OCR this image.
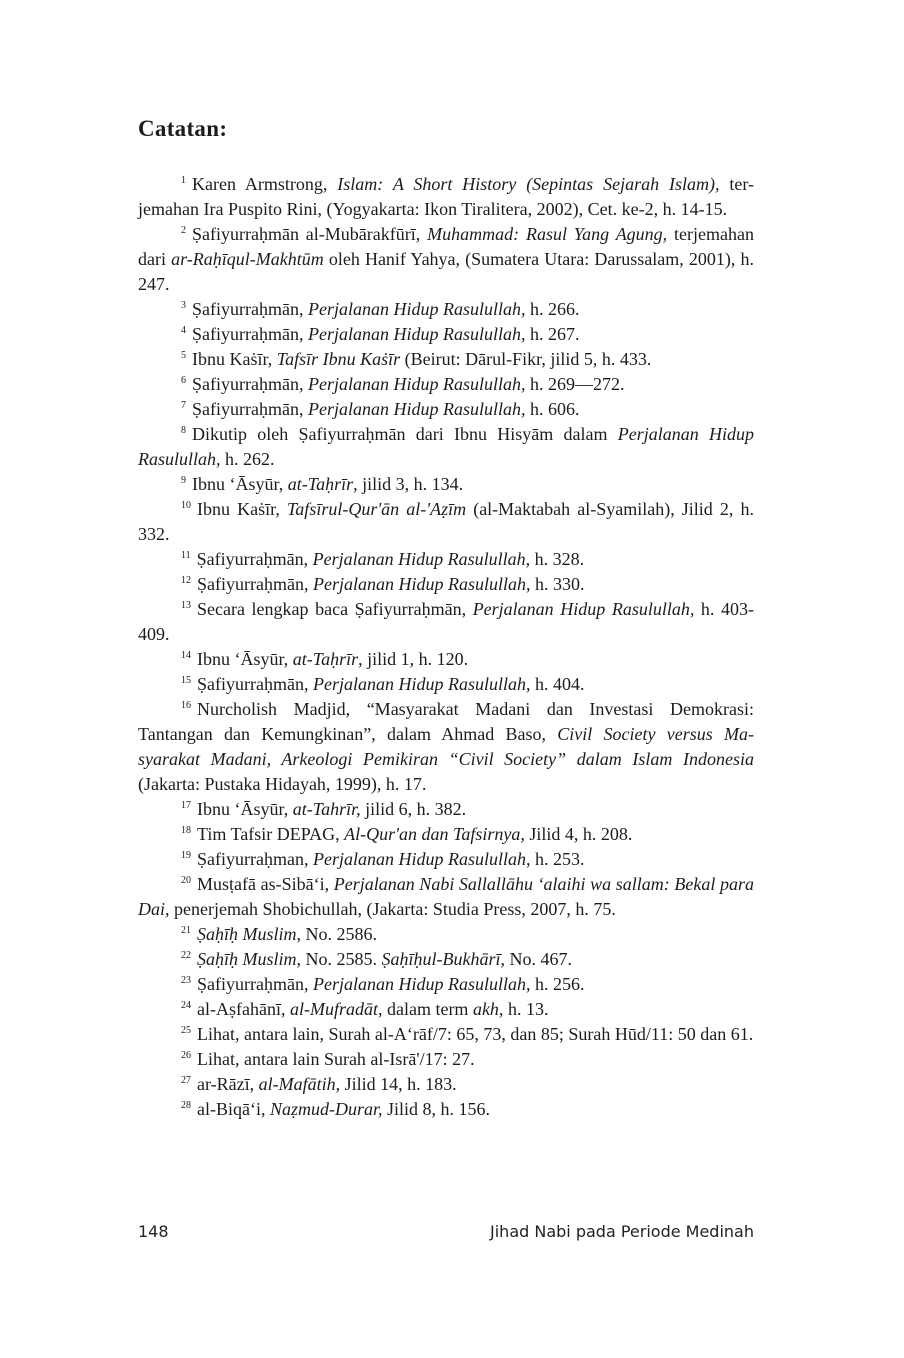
Catatan:

$^1$ Karen Armstrong, Islam: A Short History (Sepintas Sejarah Islam), ter-jemahan Ira Puspito Rini, (Yogyakarta: Ikon Tiralitera, 2002), Cet. ke-2, h. 14-15.

$^2$ Ṣafiyurraḥmān al-Mubārakfūrī, Muhammad: Rasul Yang Agung, terjemahan dari ar-Raḥīqul-Makhtūm oleh Hanif Yahya, (Sumatera Utara: Darussalam, 2001), h. 247.

$^3$ Ṣafiyurraḥmān, Perjalanan Hidup Rasulullah, h. 266.

$^4$ Ṣafiyurraḥmān, Perjalanan Hidup Rasulullah, h. 267.

$^5$ Ibnu Kaṡīr, Tafsīr Ibnu Kaṡīr (Beirut: Dārul-Fikr, jilid 5, h. 433.

$^6$ Ṣafiyurraḥmān, Perjalanan Hidup Rasulullah, h. 269—272.

$^7$ Ṣafiyurraḥmān, Perjalanan Hidup Rasulullah, h. 606.

$^8$ Dikutip oleh Ṣafiyurraḥmān dari Ibnu Hisyām dalam Perjalanan Hidup Rasulullah, h. 262.

$^9$ Ibnu ‘Āsyūr, at-Taḥrīr, jilid 3, h. 134.

$^{10}$ Ibnu Kaṡīr, Tafsīrul-Qur'ān al-'Aẓīm (al-Maktabah al-Syamilah), Jilid 2, h. 332.

$^{11}$ Ṣafiyurraḥmān, Perjalanan Hidup Rasulullah, h. 328.

$^{12}$ Ṣafiyurraḥmān, Perjalanan Hidup Rasulullah, h. 330.

$^{13}$ Secara lengkap baca Ṣafiyurraḥmān, Perjalanan Hidup Rasulullah, h. 403-409.

$^{14}$ Ibnu ‘Āsyūr, at-Taḥrīr, jilid 1, h. 120.

$^{15}$ Ṣafiyurraḥmān, Perjalanan Hidup Rasulullah, h. 404.

$^{16}$ Nurcholish Madjid, “Masyarakat Madani dan Investasi Demokrasi: Tantangan dan Kemungkinan”, dalam Ahmad Baso, Civil Society versus Ma-syarakat Madani, Arkeologi Pemikiran “Civil Society” dalam Islam Indonesia (Jakarta: Pustaka Hidayah, 1999), h. 17.

$^{17}$ Ibnu ‘Āsyūr, at-Tahrīr, jilid 6, h. 382.

$^{18}$ Tim Tafsir DEPAG, Al-Qur'an dan Tafsirnya, Jilid 4, h. 208.

$^{19}$ Ṣafiyurraḥman, Perjalanan Hidup Rasulullah, h. 253.

$^{20}$ Musṭafā as-Sibā‘i, Perjalanan Nabi Sallallāhu ‘alaihi wa sallam: Bekal para Dai, penerjemah Shobichullah, (Jakarta: Studia Press, 2007, h. 75.

$^{21}$ Ṣaḥīḥ Muslim, No. 2586.

$^{22}$ Ṣaḥīḥ Muslim, No. 2585. Ṣaḥīḥul-Bukhārī, No. 467.

$^{23}$ Ṣafiyurraḥmān, Perjalanan Hidup Rasulullah, h. 256.

$^{24}$ al-Aṣfahānī, al-Mufradāt, dalam term akh, h. 13.

$^{25}$ Lihat, antara lain, Surah al-A‘rāf/7: 65, 73, dan 85; Surah Hūd/11: 50 dan 61.

$^{26}$ Lihat, antara lain Surah al-Isrā'/17: 27.

$^{27}$ ar-Rāzī, al-Mafātih, Jilid 14, h. 183.

$^{28}$ al-Biqā‘i, Naẓmud-Durar, Jilid 8, h. 156.

148	Jihad Nabi pada Periode Medinah
